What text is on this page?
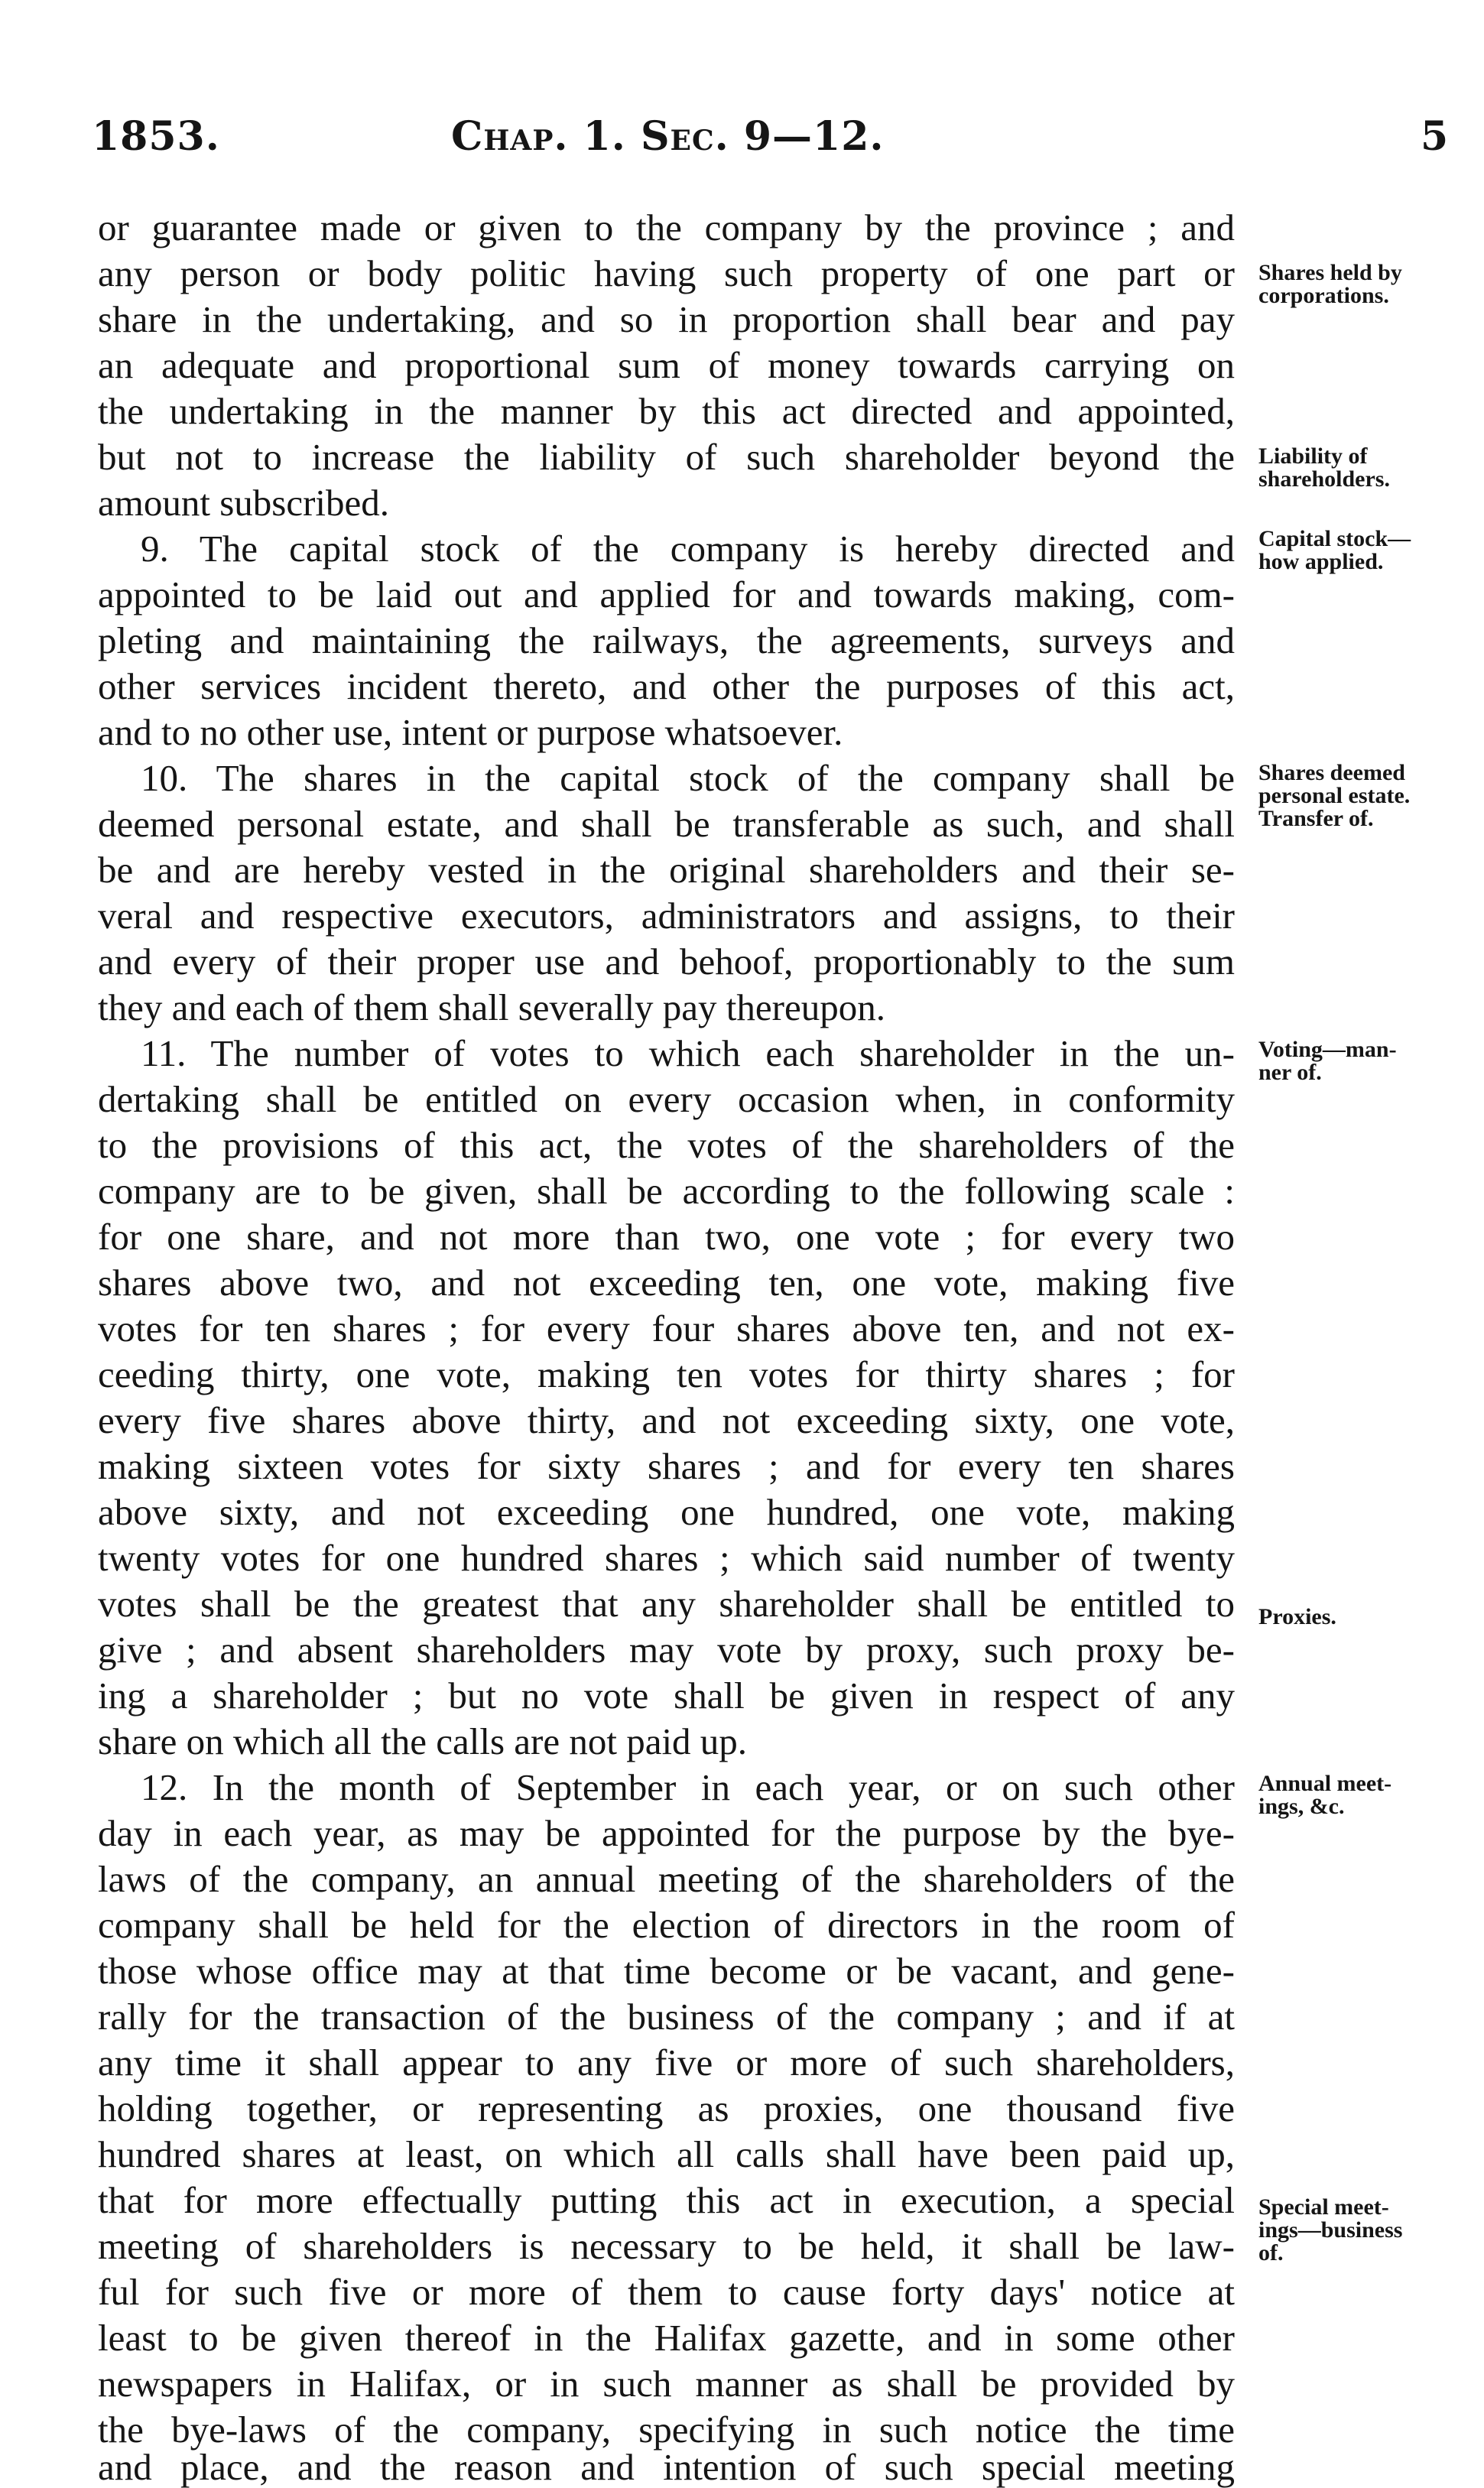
1853.	Chap. 1. Sec. 9—12.	5
or guarantee made or given to the company by the province ; and
any person or body politic having such property of one part or
share in the undertaking, and so in proportion shall bear and pay
an adequate and proportional sum of money towards carrying on
the undertaking in the manner by this act directed and appointed,
but not to increase the liability of such shareholder beyond the
amount subscribed.
9. The capital stock of the company is hereby directed and
appointed to be laid out and applied for and towards making, com-
pleting and maintaining the railways, the agreements, surveys and
other services incident thereto, and other the purposes of this act,
and to no other use, intent or purpose whatsoever.
10. The shares in the capital stock of the company shall be
deemed personal estate, and shall be transferable as such, and shall
be and are hereby vested in the original shareholders and their se-
veral and respective executors, administrators and assigns, to their
and every of their proper use and behoof, proportionably to the sum
they and each of them shall severally pay thereupon.
11. The number of votes to which each shareholder in the un-
dertaking shall be entitled on every occasion when, in conformity
to the provisions of this act, the votes of the shareholders of the
company are to be given, shall be according to the following scale :
for one share, and not more than two, one vote ; for every two
shares above two, and not exceeding ten, one vote, making five
votes for ten shares ; for every four shares above ten, and not ex-
ceeding thirty, one vote, making ten votes for thirty shares ; for
every five shares above thirty, and not exceeding sixty, one vote,
making sixteen votes for sixty shares ; and for every ten shares
above sixty, and not exceeding one hundred, one vote, making
twenty votes for one hundred shares ; which said number of twenty
votes shall be the greatest that any shareholder shall be entitled to
give ; and absent shareholders may vote by proxy, such proxy be-
ing a shareholder ; but no vote shall be given in respect of any
share on which all the calls are not paid up.
12. In the month of September in each year, or on such other
day in each year, as may be appointed for the purpose by the bye-
laws of the company, an annual meeting of the shareholders of the
company shall be held for the election of directors in the room of
those whose office may at that time become or be vacant, and gene-
rally for the transaction of the business of the company ; and if at
any time it shall appear to any five or more of such shareholders,
holding together, or representing as proxies, one thousand five
hundred shares at least, on which all calls shall have been paid up,
that for more effectually putting this act in execution, a special
meeting of shareholders is necessary to be held, it shall be law-
ful for such five or more of them to cause forty days' notice at
least to be given thereof in the Halifax gazette, and in some other
newspapers in Halifax, or in such manner as shall be provided by
the bye-laws of the company, specifying in such notice the time
and place, and the reason and intention of such special meeting
Shares held by
corporations.
Liability of
shareholders.
Capital stock—
how applied.
Shares deemed
personal estate.
Transfer of.
Voting—man-
ner of.
Proxies.
Annual meet-
ings, &c.
Special meet-
ings—business
of.
